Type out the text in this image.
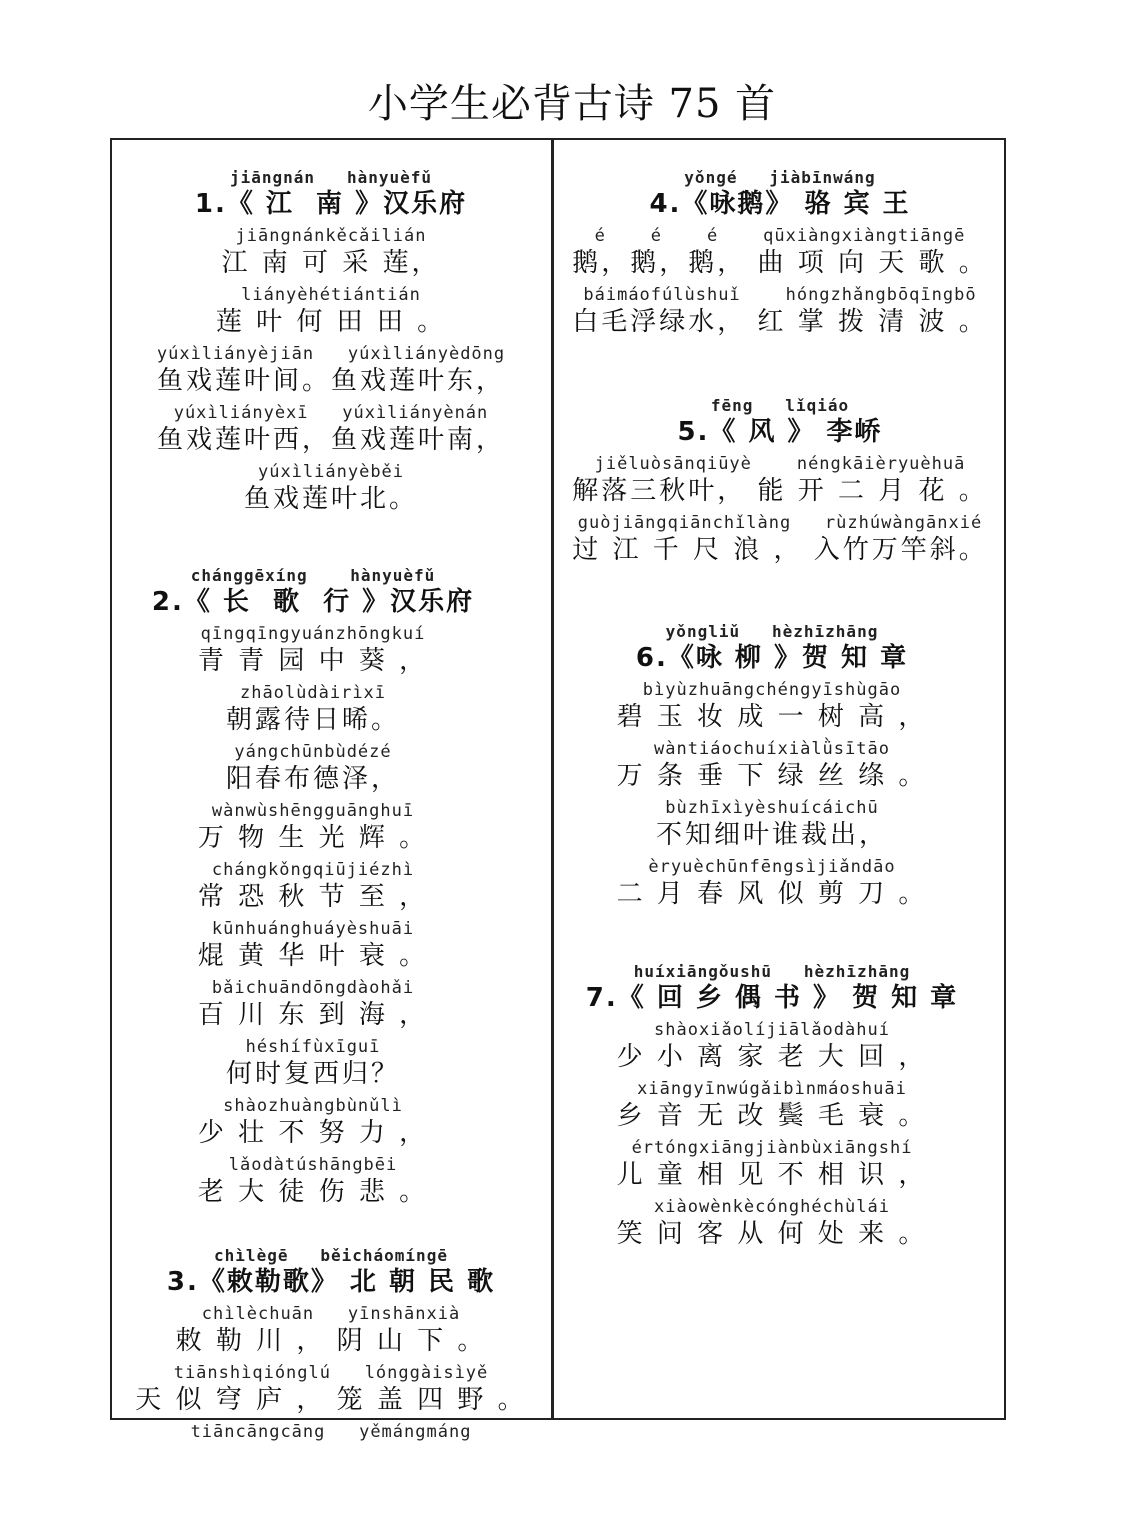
小学生必背古诗 75 首
jiāngnán   hànyuèfǔ
1.《 江  南 》汉乐府
jiāngnánkěcǎilián
江 南 可 采 莲，
liányèhétiántián
莲 叶 何 田 田 。
yúxìliányèjiān   yúxìliányèdōng
鱼戏莲叶间。鱼戏莲叶东，
yúxìliányèxī   yúxìliányènán
鱼戏莲叶西，鱼戏莲叶南，
yúxìliányèběi
鱼戏莲叶北。
chánggēxíng    hànyuèfǔ
2.《 长  歌  行 》汉乐府
qīngqīngyuánzhōngkuí
青 青 园 中 葵 ，
zhāolùdàirìxī
朝露待日晞。
yángchūnbùdézé
阳春布德泽，
wànwùshēngguānghuī
万 物 生 光 辉 。
chángkǒngqiūjiézhì
常 恐 秋 节 至 ，
kūnhuánghuáyèshuāi
焜 黄 华 叶 衰 。
bǎichuāndōngdàohǎi
百 川 东 到 海 ，
héshífùxīguī
何时复西归？
shàozhuàngbùnǔlì
少 壮 不 努 力 ，
lǎodàtúshāngbēi
老 大 徒 伤 悲 。
chìlègē   běicháomíngē
3.《敕勒歌》 北 朝 民 歌
chìlèchuān   yīnshānxià
敕 勒 川 ， 阴 山 下 。
tiānshìqiónglú   lónggàisìyě
天 似 穹 庐 ， 笼 盖 四 野 。
tiāncāngcāng   yěmángmáng
yǒngé   jiàbīnwáng
4.《咏鹅》 骆 宾 王
é    é    é    qūxiàngxiàngtiāngē
鹅，鹅，鹅， 曲 项 向 天 歌 。
báimáofúlùshuǐ    hóngzhǎngbōqīngbō
白毛浮绿水， 红 掌 拨 清 波 。
fēng   lǐqiáo
5.《 风 》 李峤
jiěluòsānqiūyè    néngkāièryuèhuā
解落三秋叶， 能 开 二 月 花 。
guòjiāngqiānchǐlàng   rùzhúwàngānxié
过 江 千 尺 浪 ， 入竹万竿斜。
yǒngliǔ   hèzhīzhāng
6.《咏 柳 》贺 知 章
bìyùzhuāngchéngyīshùgāo
碧 玉 妆 成 一 树 高 ，
wàntiáochuíxiàlǜsītāo
万 条 垂 下 绿 丝 绦 。
bùzhīxìyèshuícáichū
不知细叶谁裁出，
èryuèchūnfēngsìjiǎndāo
二 月 春 风 似 剪 刀 。
huíxiāngǒushū   hèzhīzhāng
7.《 回 乡 偶 书 》 贺 知 章
shàoxiǎolíjiālǎodàhuí
少 小 离 家 老 大 回 ，
xiāngyīnwúgǎibìnmáoshuāi
乡 音 无 改 鬓 毛 衰 。
értóngxiāngjiànbùxiāngshí
儿 童 相 见 不 相 识 ，
xiàowènkècónghéchùlái
笑 问 客 从 何 处 来 。
